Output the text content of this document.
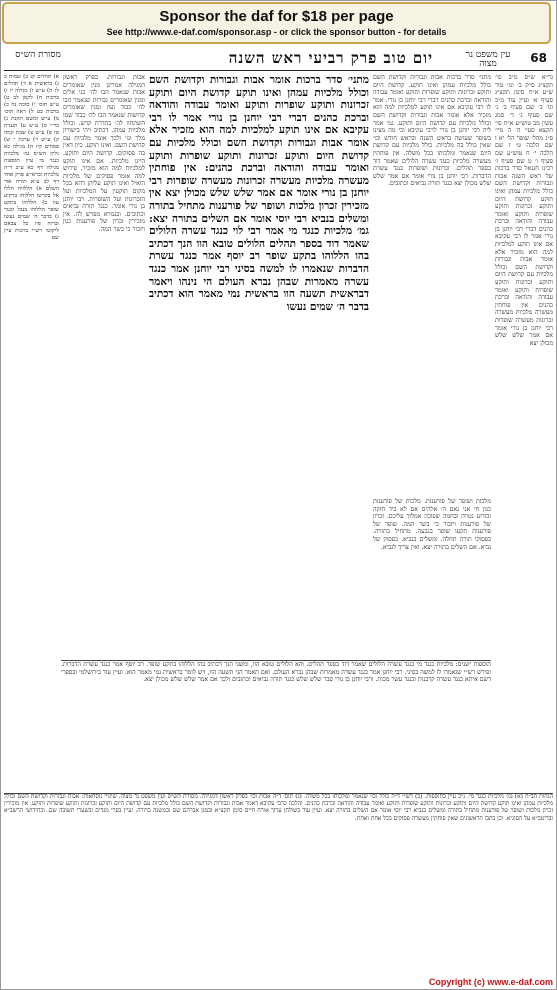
Sponsor the daf for $18 per page
See http://www.e-daf.com/sponsor.asp - or click the sponsor button - for details
68
יום טוב פרק רביעי ראש השנה	עין משפט נר מצוה
מסורת הש״ס
גר״א ש״ס מ״ב סי׳ תקצ״ג ס״ק ב׳ וגו׳ טור ש״ע א״ח סימן תקצ״ג סעיף א׳ ועיין עוד מ״ב וגו׳ ב׳ שם סעיף ב׳ ג׳ שם סעיף ג׳ ד׳ סמג עשין מב טוש״ע א״ח סי׳ תקצא סעי׳ ה׳ ה מיי׳ פ״ג מהל׳ שופר הל׳ יא ו שם הלכה ט׳ ז שם הלכה י׳ ח טוש״ע שם סעיף ו׳ ט שם סעיף ז׳ רבינו חננאל סדר ברכות של ראש השנה אבות וגבורות וקדושת השם כולל מלכיות עמהן ואינו תוקע קדושת היום ותוקע זכרונות ותוקע שופרות ותוקע ואומר עבודה והודאה וברכת כהנים דברי רבי יוחנן בן נורי אמר לו רבי עקיבא אם אינו תוקע למלכיות למה הוא מזכיר אלא אומר אבות וגבורות וקדושת השם וכולל מלכיות עם קדושת היום ותוקע זכרונות ותוקע שופרות ותוקע ואומר עבודה והודאה וברכת כהנים אין פוחתין מעשרה מלכיות מעשרה זכרונות מעשרה שופרות רבי יוחנן בן נורי אומר אם אמר שלש שלש מכולן יצא
מתני׳ סדר ברכות אבות וגבורות וקדושת השם כולל מלכיות עמהן ואינו תוקע. קדושת היום ותוקע זכרונות ותוקע שופרות ותוקע ואומר עבודה והודאה וברכת כהנים דברי רבי יוחנן בן נורי. אמר לו רבי עקיבא אם אינו תוקע למלכיות למה הוא מזכיר אלא אומר אבות וגבורות וקדושת השם וכולל מלכיות עם קדושת היום ותוקע. גמ׳ אמר ליה רבי יוחנן בן נורי לרבי עקיבא וכי מה מצינו בשופר שעושה בראש השנה ובראש חודש וכו׳ שאין כולל בה מלכיות. כולל מלכיות עם קדושת היום שנאמר ומלכותו בכל משלה. אין פוחתין מעשרה מלכיות כנגד עשרה הלולים שאמר דוד בספר תהלים. זכרונות ושופרות כנגד עשרת הדברות. רבי יוחנן בן נורי אומר אם אמר שלש שלש מכולן יצא כנגד תורה נביאים וכתובים.
מתני׳ סדר ברכות אומר אבות וגבורות וקדושת השם וכולל מלכיות עמהן ואינו תוקע קדושת היום ותוקע זכרונות ותוקע שופרות ותוקע ואומר עבודה והודאה וברכת כהנים דברי רבי יוחנן בן נורי אמר לו רבי עקיבא אם אינו תוקע למלכיות למה הוא מזכיר אלא אומר אבות וגבורות וקדושת השם וכולל מלכיות עם קדושת היום ותוקע זכרונות ותוקע שופרות ותוקע ואומר עבודה והודאה וברכת כהנים: אין פוחתין מעשרה מלכיות מעשרה זכרונות מעשרה שופרות רבי יוחנן בן נורי אומר אם אמר שלש שלש מכולן יצא אין מזכירין זכרון מלכות ושופר של פורענות מתחיל בתורה ומשלים בנביא רבי יוסי אומר אם השלים בתורה יצא: גמ׳ מלכיות כנגד מי אמר רבי לוי כנגד עשרה הלולים שאמר דוד בספר תהלים הלולים טובא הוו הנך דכתיב בהו הללוהו בתקע שופר רב יוסף אמר כנגד עשרת הדברות שנאמרו לו למשה בסיני רבי יוחנן אמר כנגד עשרה מאמרות שבהן נברא העולם הי נינהו ויאמר דבראשית תשעה הוו בראשית נמי מאמר הוא דכתיב בדבר ה׳ שמים נעשו
אבות וגבורות. בפרק ראשון דמגילה אמרינן מנין שאומרים אבות שנאמר הבו לה׳ בני אלים ומנין שאומרים גבורות שנאמר הבו לה׳ כבוד ועוז ומנין שאומרים קדושות שנאמר הבו לה׳ כבוד שמו השתחוו לה׳ בהדרת קדש. וכולל מלכיות עמהן. דכתיב ויהי בישורון מלך וגו׳ ולכך אומר מלכיות עם קדושת השם. ואינו תוקע. כיון דאין בה פסוקים. קדושת היום ותוקע. היינו מלכיות. אם אינו תוקע למלכיות למה הוא מזכיר. פירוש למה אומר פסוקים של מלכיות הואיל ואינו תוקע עליהן דהא בכל מקום תוקעין על המלכיות ועל הזכרונות ועל השופרות. רבי יוחנן בן נורי אומר. כנגד תורה נביאים וכתובים. ובגמרא מפרש לה. אין מזכירין זכרון של פורענות כגון ויזכור כי בשר המה.
א) תהלים קנ ב) שמות כ ג) בראשית א ד) תהלים לג ה) ע״ש ו) מגילה יז ז) ברכות ח) לקמן לב ט) ע״ש תוס׳ י) סוכה נה כ) ברכות כט ל) ראה תוס׳ מ) ע״ש ומשם תקנת נ) בר״י ס) ע״ש ע) תענית טז פ) ע״ש צ) שבת קמח ק) ע״ש ר) ערכין י ש) פסחים קיז ת) מגילה כא גליון הש״ס גמ׳ מלכיות כנגד מי עיין תוספות מגילה דף כא ע״ב ד״ה מלכיות וברא״ש פרק אחד דף לב ע״א תורה אור השלם א) הללויה הללו אל בקדשו הללוהו ברקיע עזו ב) הללוהו בתקע שופר הללוהו בנבל וכנור ג) בדבר ה׳ שמים נעשו וברוח פיו כל צבאם ליקוטי רש״י ברכות עיין שם
מלכות ושופר של פורענות. מלכות של פורענות כגון חי אני נאם ה׳ אלהים אם לא ביד חזקה ובזרוע נטויה ובחמה שפוכה אמלוך עליכם. זכרון של פורענות ויזכור כי בשר המה. שופר של פורענות תקעו שופר בגבעה. מתחיל בתורה. בפסוקי תורה תחלה. ומשלים בנביא. בפסוק של נביא. אם השלים בתורה יצא. ואין צריך לנביא.
תוספות ישנים: מלכיות כנגד מי כנגד עשרה הלולים שאמר דוד בספר תהלים. והא הלולים טובא הוו, ומשני הנך דכתיב בהו הללוהו בתקע שופר. רב יוסף אמר כנגד עשרת הדברות. ופירש רש״י שנאמרו לו למשה בסיני. רבי יוחנן אמר כנגד עשרה מאמרות שבהן נברא העולם. ואם תאמר הני תשעה הוו, ויש לומר בראשית נמי מאמר הוא. ועיין עוד בירושלמי ובספרי דשם איתא כנגד עשרה קרבנות וכנגד עשר מכות. ורבי יוחנן בן נורי סבר שלש שלש כנגד תורה נביאים וכתובים ולכך אם אמר שלש שלש מכולן יצא.
הגהות הב״ח (א) גמ׳ מלכיות כנגד מי. נ״ב עיין בתוספות. (ב) רש״י ד״ה כולל וכו׳ שנאמר ומלכותו בכל משלה. (ג) תוס׳ ד״ה אבות וכו׳ בפרק ראשון דמגילה. מסורת הש״ס ועין משפט נר מצוה. שינויי נוסחאות: אבות וגבורות וקדושת השם וכולל מלכיות עמהן ואינו תוקע קדושת היום ותוקע זכרונות ותוקע שופרות ותוקע ואומר עבודה והודאה וברכת כהנים. והלכה כרבי עקיבא דאמר אבות וגבורות וקדושת השם כולל מלכיות עם קדושת היום ותוקע זכרונות ותוקע שופרות ותוקע. אין מזכירין זכרון מלכות ושופר של פורענות מתחיל בתורה ומשלים בנביא רבי יוסי אומר אם השלים בתורה יצא. ועיין עוד בשולחן ערוך אורח חיים סימן תקצ״א ובמגן אברהם שם ובמשנה ברורה. ועיין בפרי מגדים ובשערי תשובה שם. ובחידושי הרשב״א ובריטב״א על הסוגיא. וכן כתבו הראשונים שאין פוחתין מעשרה פסוקים בכל אחת ואחת.
Copyright (c) www.e-daf.com
